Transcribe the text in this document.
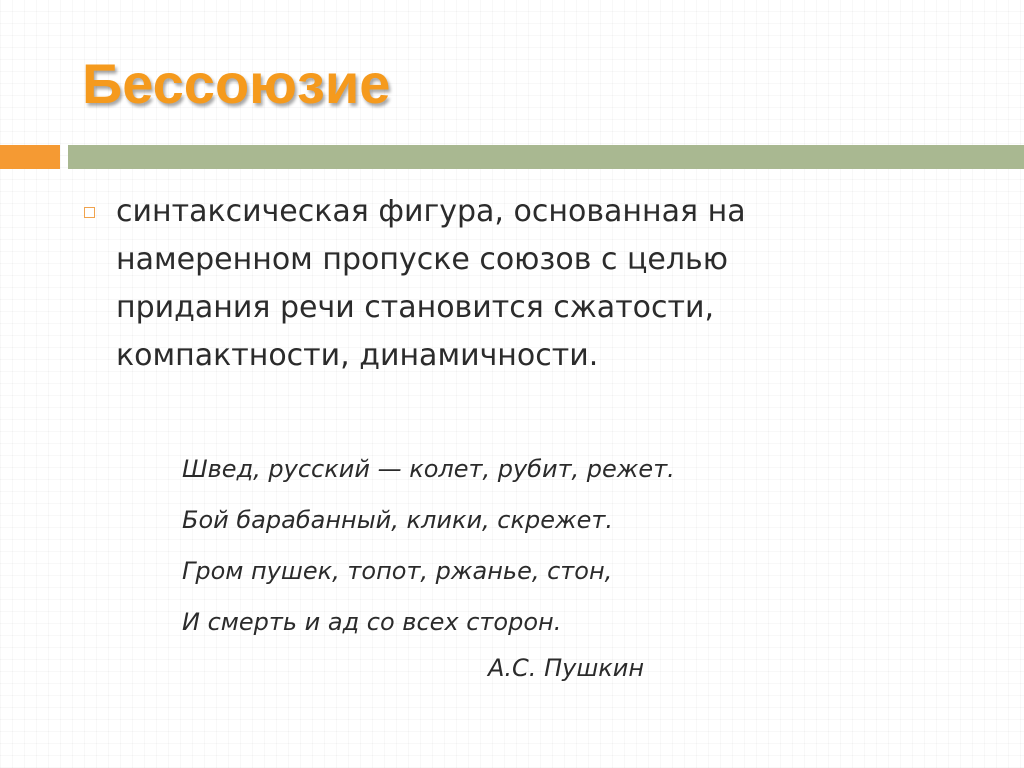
Бессоюзие
синтаксическая фигура, основанная на
намеренном пропуске союзов с целью
придания речи становится сжатости,
компактности, динамичности.
Швед, русский — колет, рубит, режет.
Бой барабанный, клики, скрежет.
Гром пушек, топот, ржанье, стон,
И смерть и ад со всех сторон.
А.С. Пушкин
